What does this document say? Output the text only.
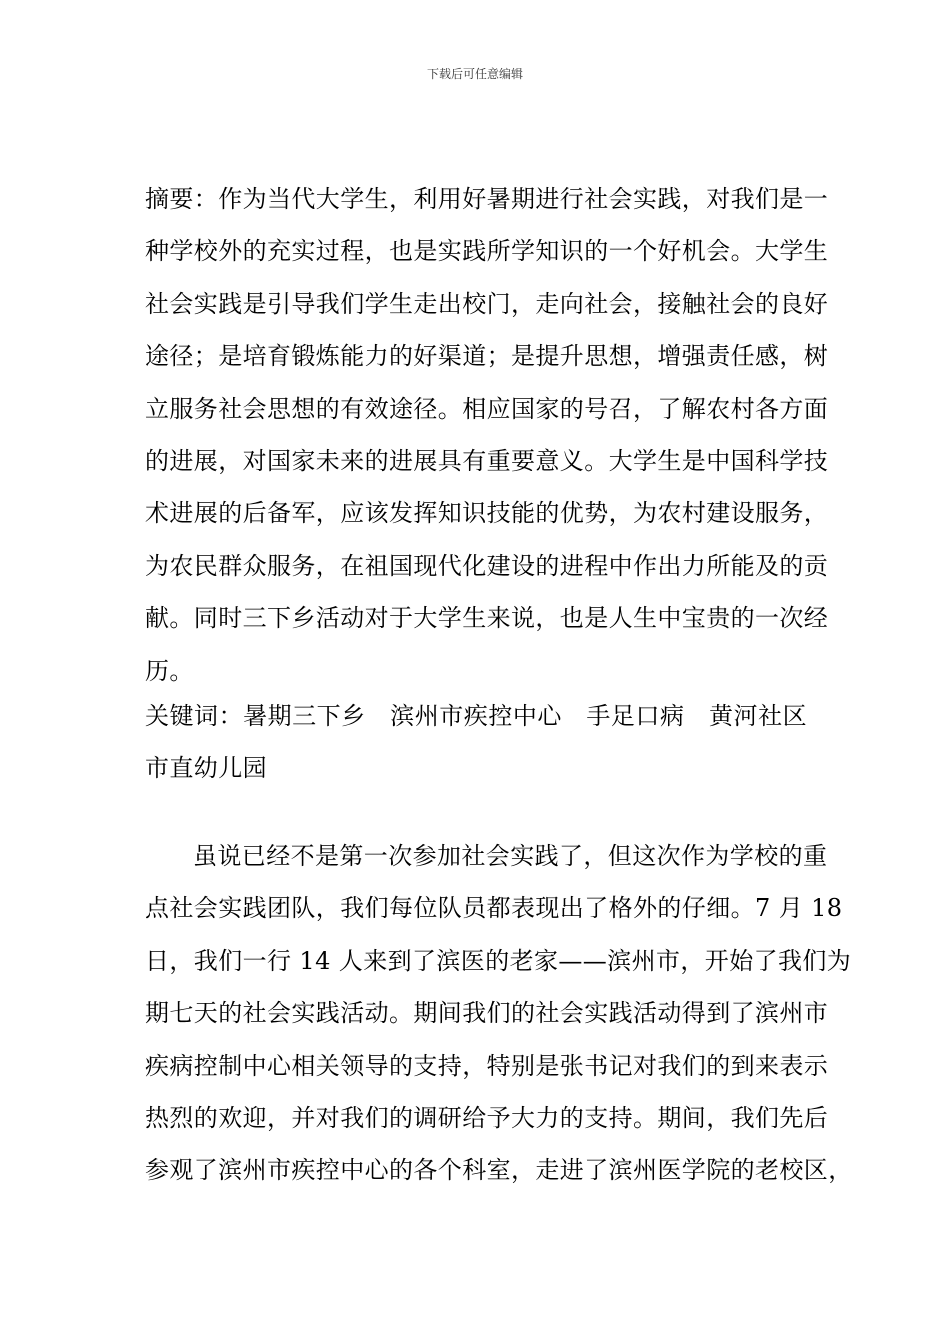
下载后可任意编辑
摘要：作为当代大学生，利用好暑期进行社会实践，对我们是一
种学校外的充实过程，也是实践所学知识的一个好机会。大学生
社会实践是引导我们学生走出校门，走向社会，接触社会的良好
途径；是培育锻炼能力的好渠道；是提升思想，增强责任感，树
立服务社会思想的有效途径。相应国家的号召，了解农村各方面
的进展，对国家未来的进展具有重要意义。大学生是中国科学技
术进展的后备军，应该发挥知识技能的优势，为农村建设服务，
为农民群众服务，在祖国现代化建设的进程中作出力所能及的贡
献。同时三下乡活动对于大学生来说，也是人生中宝贵的一次经
历。
关键词：暑期三下乡　滨州市疾控中心　手足口病　黄河社区
市直幼儿园
虽说已经不是第一次参加社会实践了，但这次作为学校的重
点社会实践团队，我们每位队员都表现出了格外的仔细。7 月 18
日，我们一行 14 人来到了滨医的老家——滨州市，开始了我们为
期七天的社会实践活动。期间我们的社会实践活动得到了滨州市
疾病控制中心相关领导的支持，特别是张书记对我们的到来表示
热烈的欢迎，并对我们的调研给予大力的支持。期间，我们先后
参观了滨州市疾控中心的各个科室，走进了滨州医学院的老校区，
